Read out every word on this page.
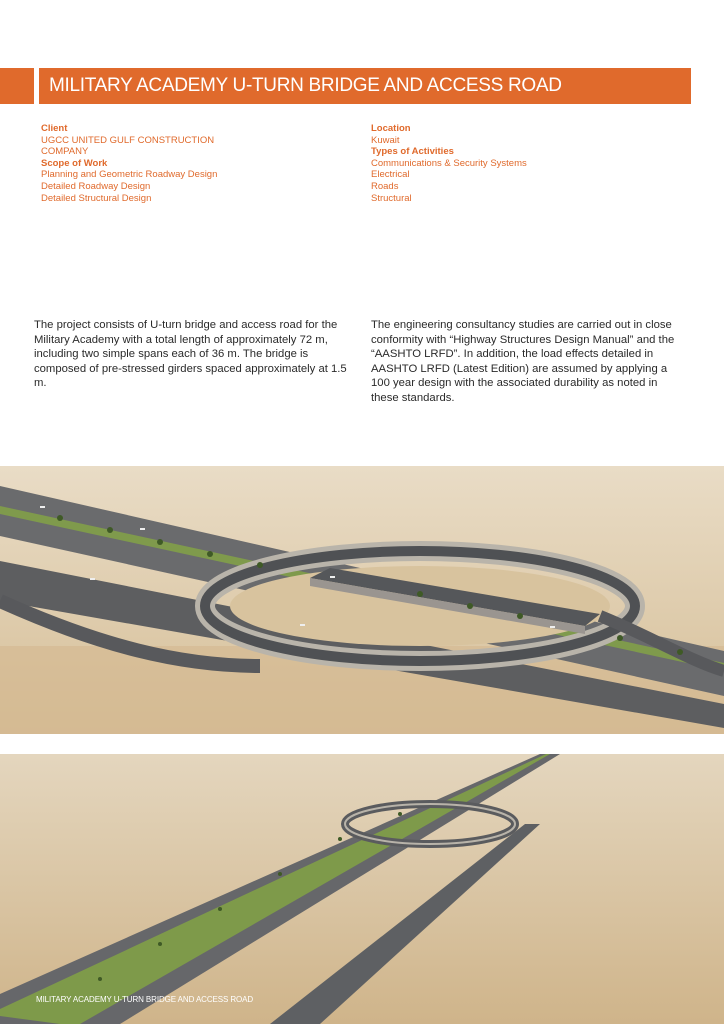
MILITARY ACADEMY U-TURN BRIDGE AND ACCESS ROAD
Client
UGCC UNITED GULF CONSTRUCTION
COMPANY
Scope of Work
Planning and Geometric Roadway Design
Detailed Roadway Design
Detailed Structural Design
Location
Kuwait
Types of Activities
Communications & Security Systems
Electrical
Roads
Structural

The project consists of U-turn bridge and access road for the Military Academy with a total length of approximately 72 m, including two simple spans each of 36 m. The bridge is composed of pre-stressed girders spaced approximately at 1.5 m.

The engineering consultancy studies are carried out in close conformity with “Highway Structures Design Manual” and the “AASHTO LRFD”. In addition, the load effects detailed in AASHTO LRFD (Latest Edition) are assumed by applying a 100 year design with the associated durability as noted in these standards.

MILITARY ACADEMY U-TURN BRIDGE AND ACCESS ROAD
